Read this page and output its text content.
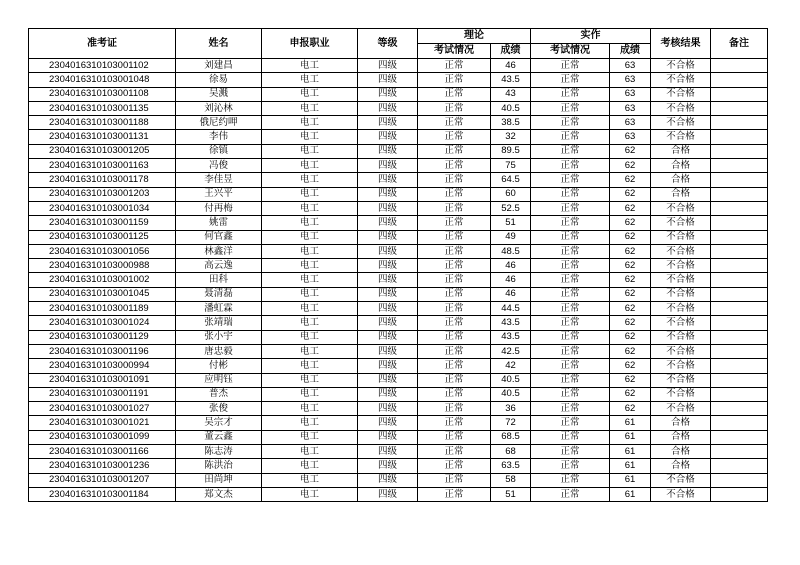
准考证	姓名	申报职业	等级	理论		实作		考核结果	备注
				考试情况	成绩	考试情况	成绩		
2304016310103001102	刘建昌	电工	四级	正常	46	正常	63	不合格	
2304016310103001048	徐易	电工	四级	正常	43.5	正常	63	不合格	
2304016310103001108	吴溅	电工	四级	正常	43	正常	63	不合格	
2304016310103001135	刘沁林	电工	四级	正常	40.5	正常	63	不合格	
2304016310103001188	俄尼约呷	电工	四级	正常	38.5	正常	63	不合格	
2304016310103001131	李伟	电工	四级	正常	32	正常	63	不合格	
2304016310103001205	徐镇	电工	四级	正常	89.5	正常	62	合格	
2304016310103001163	冯俊	电工	四级	正常	75	正常	62	合格	
2304016310103001178	李佳昱	电工	四级	正常	64.5	正常	62	合格	
2304016310103001203	王兴平	电工	四级	正常	60	正常	62	合格	
2304016310103001034	付再梅	电工	四级	正常	52.5	正常	62	不合格	
2304016310103001159	姚雷	电工	四级	正常	51	正常	62	不合格	
2304016310103001125	何官鑫	电工	四级	正常	49	正常	62	不合格	
2304016310103001056	林鑫洋	电工	四级	正常	48.5	正常	62	不合格	
2304016310103000988	高云逸	电工	四级	正常	46	正常	62	不合格	
2304016310103001002	田科	电工	四级	正常	46	正常	62	不合格	
2304016310103001045	聂清磊	电工	四级	正常	46	正常	62	不合格	
2304016310103001189	潘虹霖	电工	四级	正常	44.5	正常	62	不合格	
2304016310103001024	张靖瑞	电工	四级	正常	43.5	正常	62	不合格	
2304016310103001129	张小宇	电工	四级	正常	43.5	正常	62	不合格	
2304016310103001196	唐忠毅	电工	四级	正常	42.5	正常	62	不合格	
2304016310103000994	付彬	电工	四级	正常	42	正常	62	不合格	
2304016310103001091	应明钰	电工	四级	正常	40.5	正常	62	不合格	
2304016310103001191	普杰	电工	四级	正常	40.5	正常	62	不合格	
2304016310103001027	张俊	电工	四级	正常	36	正常	62	不合格	
2304016310103001021	吴宗才	电工	四级	正常	72	正常	61	合格	
2304016310103001099	董云鑫	电工	四级	正常	68.5	正常	61	合格	
2304016310103001166	陈志涛	电工	四级	正常	68	正常	61	合格	
2304016310103001236	陈洪治	电工	四级	正常	63.5	正常	61	合格	
2304016310103001207	田尚坤	电工	四级	正常	58	正常	61	不合格	
2304016310103001184	郑文杰	电工	四级	正常	51	正常	61	不合格	
